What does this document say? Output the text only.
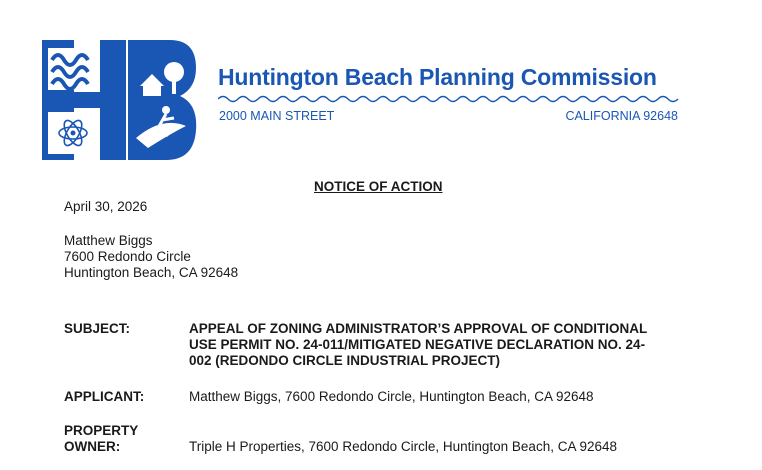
Huntington Beach Planning Commission
2000 MAIN STREET	CALIFORNIA 92648
NOTICE OF ACTION
April 30, 2026
Matthew Biggs
7600 Redondo Circle
Huntington Beach, CA 92648
SUBJECT:	APPEAL OF ZONING ADMINISTRATOR’S APPROVAL OF CONDITIONAL
USE PERMIT NO. 24-011/MITIGATED NEGATIVE DECLARATION NO. 24-
002 (REDONDO CIRCLE INDUSTRIAL PROJECT)
APPLICANT:	Matthew Biggs, 7600 Redondo Circle, Huntington Beach, CA 92648
PROPERTY
OWNER:	Triple H Properties, 7600 Redondo Circle, Huntington Beach, CA 92648
